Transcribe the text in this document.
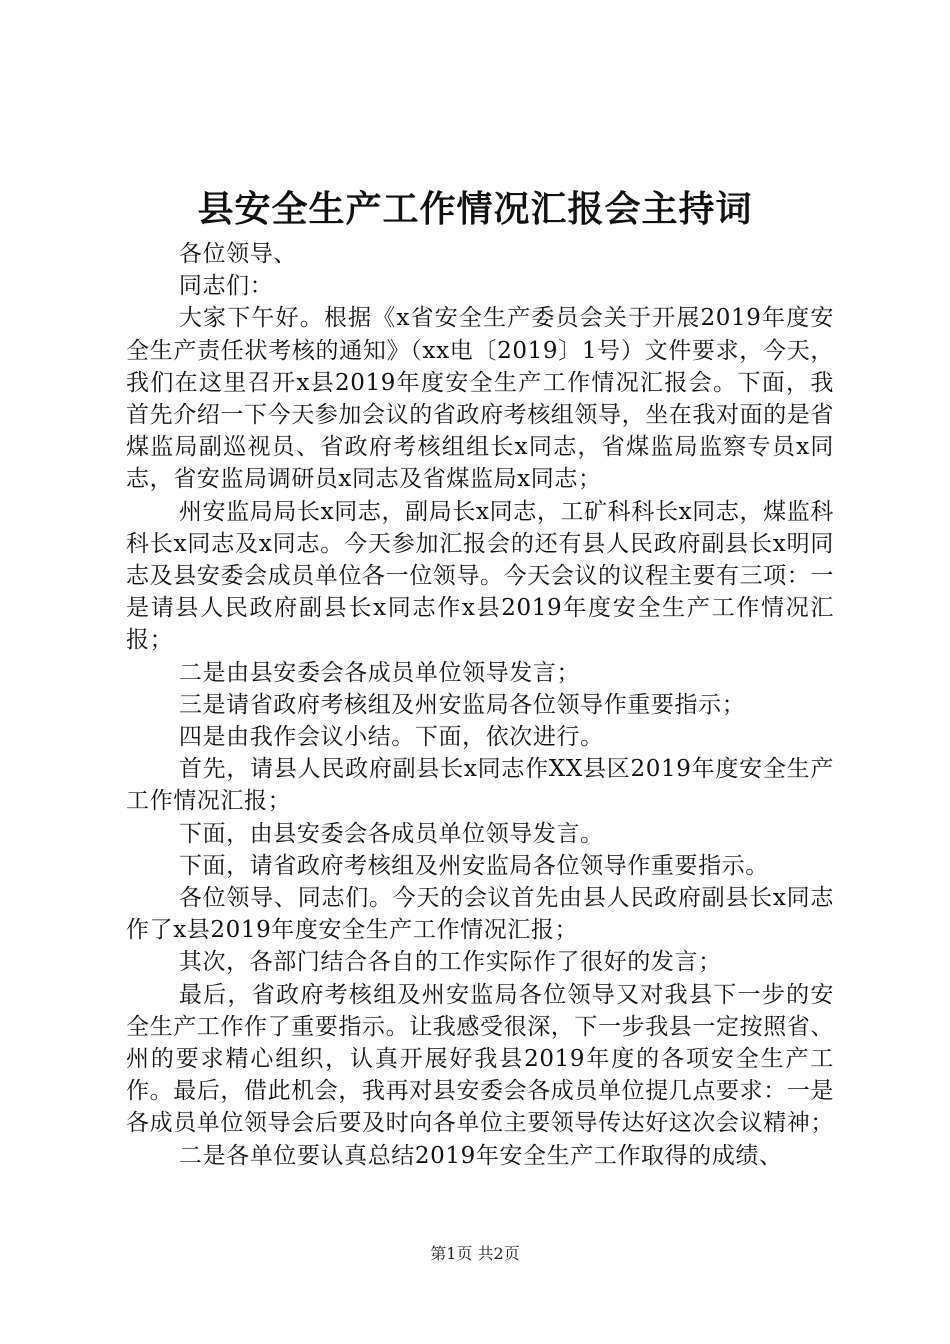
县安全生产工作情况汇报会主持词

各位领导、

同志们：

大家下午好。根据《x省安全生产委员会关于开展2019年度安全生产责任状考核的通知》（xx电〔2019〕1号）文件要求，今天，我们在这里召开x县2019年度安全生产工作情况汇报会。下面，我首先介绍一下今天参加会议的省政府考核组领导，坐在我对面的是省煤监局副巡视员、省政府考核组组长x同志，省煤监局监察专员x同志，省安监局调研员x同志及省煤监局x同志；

州安监局局长x同志，副局长x同志，工矿科科长x同志，煤监科科长x同志及x同志。今天参加汇报会的还有县人民政府副县长x明同志及县安委会成员单位各一位领导。今天会议的议程主要有三项：一是请县人民政府副县长x同志作x县2019年度安全生产工作情况汇报；

二是由县安委会各成员单位领导发言；

三是请省政府考核组及州安监局各位领导作重要指示；

四是由我作会议小结。下面，依次进行。

首先，请县人民政府副县长x同志作XX县区2019年度安全生产工作情况汇报；

下面，由县安委会各成员单位领导发言。

下面，请省政府考核组及州安监局各位领导作重要指示。

各位领导、同志们。今天的会议首先由县人民政府副县长x同志作了x县2019年度安全生产工作情况汇报；

其次，各部门结合各自的工作实际作了很好的发言；

最后，省政府考核组及州安监局各位领导又对我县下一步的安全生产工作作了重要指示。让我感受很深，下一步我县一定按照省、州的要求精心组织，认真开展好我县2019年度的各项安全生产工作。最后，借此机会，我再对县安委会各成员单位提几点要求：一是各成员单位领导会后要及时向各单位主要领导传达好这次会议精神；

二是各单位要认真总结2019年安全生产工作取得的成绩、

第1页 共2页
